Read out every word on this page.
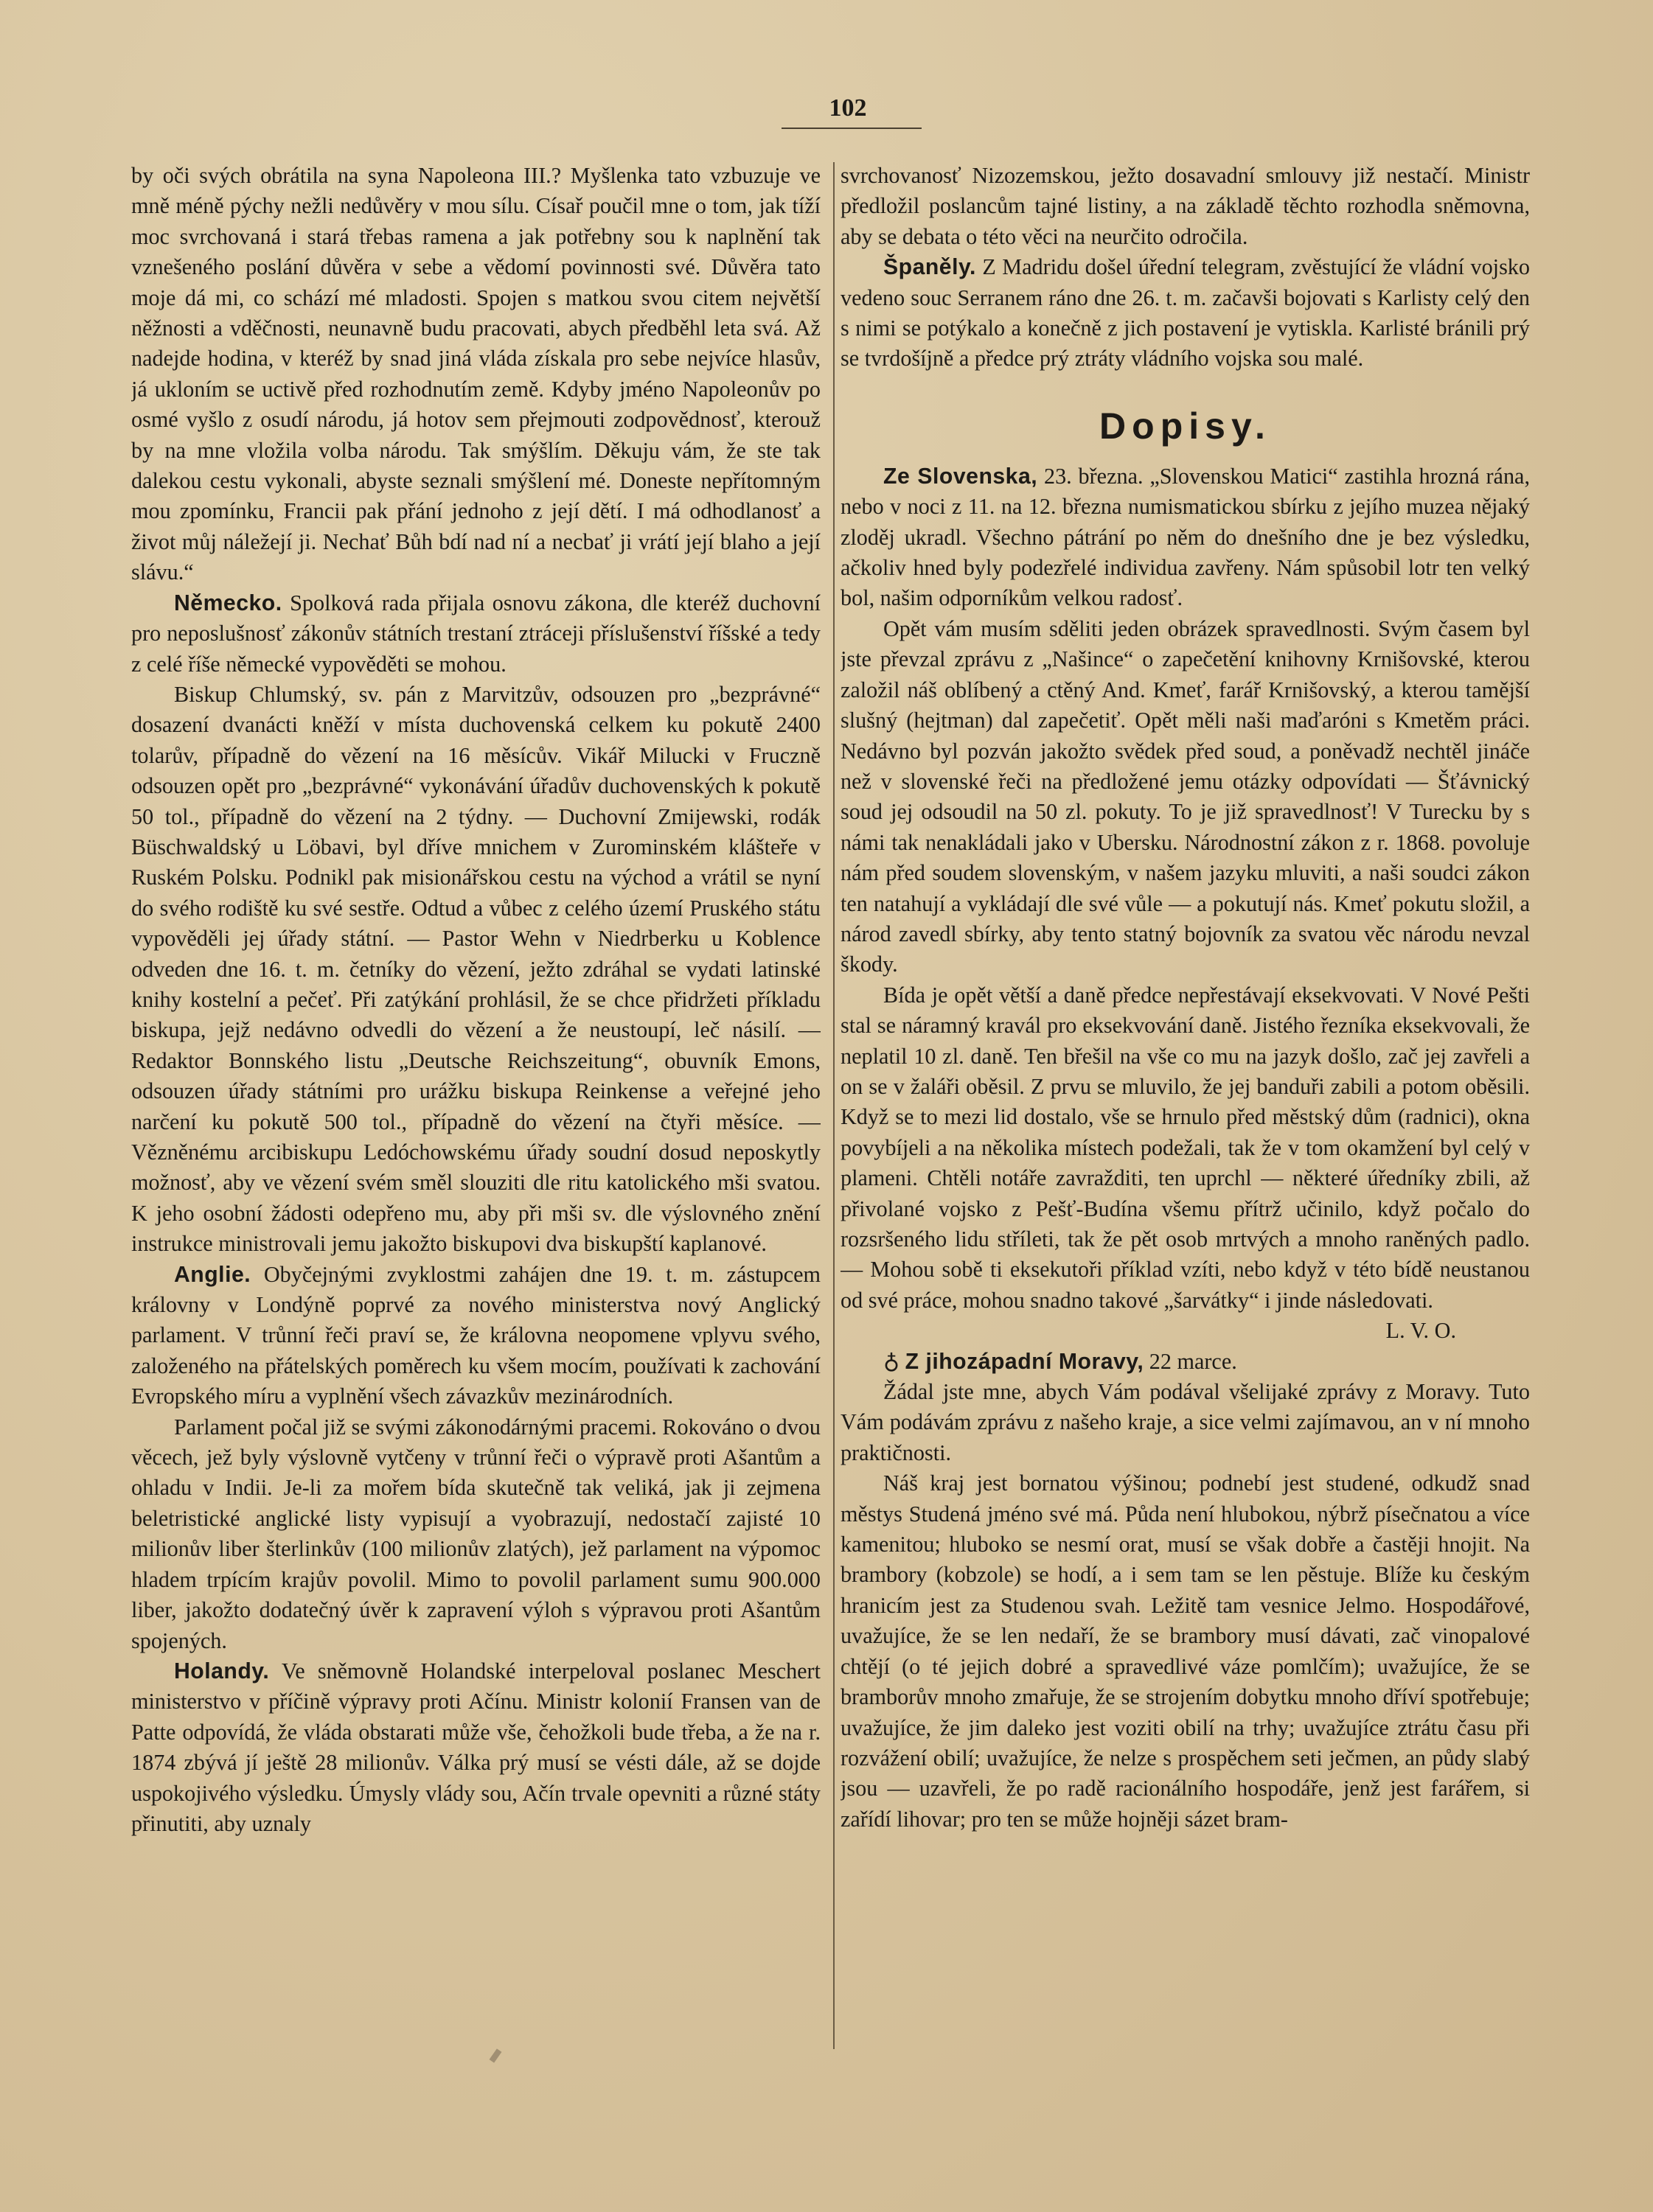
102

by oči svých obrátila na syna Napoleona III.? Myšlenka tato vzbuzuje ve mně méně pýchy nežli nedůvěry v mou sílu. Císař poučil mne o tom, jak tíží moc svrchovaná i stará třebas ramena a jak potřebny sou k naplnění tak vznešeného poslání důvěra v sebe a vědomí povinnosti své. Důvěra tato moje dá mi, co schází mé mladosti. Spojen s matkou svou citem největší něžnosti a vděčnosti, neunavně budu pracovati, abych předběhl leta svá. Až nadejde hodina, v kteréž by snad jiná vláda získala pro sebe nejvíce hlasův, já ukloním se uctivě před rozhodnutím země. Kdyby jméno Napoleonův po osmé vyšlo z osudí národu, já hotov sem přejmouti zodpovědnosť, kterouž by na mne vložila volba národu. Tak smýšlím. Děkuju vám, že ste tak dalekou cestu vykonali, abyste seznali smýšlení mé. Doneste nepřítomným mou zpomínku, Francii pak přání jednoho z její dětí. I má odhodlanosť a život můj náležejí ji. Nechať Bůh bdí nad ní a necbať ji vrátí její blaho a její slávu.“

Německo. Spolková rada přijala osnovu zákona, dle kteréž duchovní pro neposlušnosť zákonův státních trestaní ztráceji příslušenství říšské a tedy z celé říše německé vypověděti se mohou.

Biskup Chlumský, sv. pán z Marvitzův, odsouzen pro „bezprávné“ dosazení dvanácti kněží v místa duchovenská celkem ku pokutě 2400 tolarův, případně do vězení na 16 měsícův. Vikář Milucki v Fruczně odsouzen opět pro „bezprávné“ vykonávání úřadův duchovenských k pokutě 50 tol., případně do vězení na 2 týdny. — Duchovní Zmijewski, rodák Büschwaldský u Löbavi, byl dříve mnichem v Zurominském klášteře v Ruském Polsku. Podnikl pak misionářskou cestu na východ a vrátil se nyní do svého rodiště ku své sestře. Odtud a vůbec z celého území Pruského státu vypověděli jej úřady státní. — Pastor Wehn v Niedrberku u Koblence odveden dne 16. t. m. četníky do vězení, ježto zdráhal se vydati latinské knihy kostelní a pečeť. Při zatýkání prohlásil, že se chce přidržeti příkladu biskupa, jejž nedávno odvedli do vězení a že neustoupí, leč násilí. — Redaktor Bonnského listu „Deutsche Reichszeitung“, obuvník Emons, odsouzen úřady státními pro urážku biskupa Reinkense a veřejné jeho narčení ku pokutě 500 tol., případně do vězení na čtyři měsíce. — Vězněnému arcibiskupu Ledóchowskému úřady soudní dosud neposkytly možnosť, aby ve vězení svém směl slouziti dle ritu katolického mši svatou. K jeho osobní žádosti odepřeno mu, aby při mši sv. dle výslovného znění instrukce ministrovali jemu jakožto biskupovi dva biskupští kaplanové.

Anglie. Obyčejnými zvyklostmi zahájen dne 19. t. m. zástupcem královny v Londýně poprvé za nového ministerstva nový Anglický parlament. V trůnní řeči praví se, že královna neopomene vplyvu svého, založeného na přátelských poměrech ku všem mocím, používati k zachování Evropského míru a vyplnění všech závazkův mezinárodních.

Parlament počal již se svými zákonodárnými pracemi. Rokováno o dvou věcech, jež byly výslovně vytčeny v trůnní řeči o výpravě proti Ašantům a ohladu v Indii. Je-li za mořem bída skutečně tak veliká, jak ji zejmena beletristické anglické listy vypisují a vyobrazují, nedostačí zajisté 10 milionův liber šterlinkův (100 milionův zlatých), jež parlament na výpomoc hladem trpícím krajův povolil. Mimo to povolil parlament sumu 900.000 liber, jakožto dodatečný úvěr k zapravení výloh s výpravou proti Ašantům spojených.

Holandy. Ve sněmovně Holandské interpeloval poslanec Meschert ministerstvo v příčině výpravy proti Ačínu. Ministr kolonií Fransen van de Patte odpovídá, že vláda obstarati může vše, čehožkoli bude třeba, a že na r. 1874 zbývá jí ještě 28 milionův. Válka prý musí se vésti dále, až se dojde uspokojivého výsledku. Úmysly vlády sou, Ačín trvale opevniti a různé státy přinutiti, aby uznaly

svrchovanosť Nizozemskou, ježto dosavadní smlouvy již nestačí. Ministr předložil poslancům tajné listiny, a na základě těchto rozhodla sněmovna, aby se debata o této věci na neurčito odročila.

Španěly. Z Madridu došel úřední telegram, zvěstující že vládní vojsko vedeno souc Serranem ráno dne 26. t. m. začavši bojovati s Karlisty celý den s nimi se potýkalo a konečně z jich postavení je vytiskla. Karlisté bránili prý se tvrdošíjně a předce prý ztráty vládního vojska sou malé.

Dopisy.

Ze Slovenska, 23. března. „Slovenskou Matici“ zastihla hrozná rána, nebo v noci z 11. na 12. března numismatickou sbírku z jejího muzea nějaký zloděj ukradl. Všechno pátrání po něm do dnešního dne je bez výsledku, ačkoliv hned byly podezřelé individua zavřeny. Nám spůsobil lotr ten velký bol, našim odporníkům velkou radosť.

Opět vám musím sděliti jeden obrázek spravedlnosti. Svým časem byl jste převzal zprávu z „Našince“ o zapečetění knihovny Krnišovské, kterou založil náš oblíbený a ctěný And. Kmeť, farář Krnišovský, a kterou tamější slušný (hejtman) dal zapečetiť. Opět měli naši maďaróni s Kmetěm práci. Nedávno byl pozván jakožto svědek před soud, a poněvadž nechtěl jináče než v slovenské řeči na předložené jemu otázky odpovídati — Šťávnický soud jej odsoudil na 50 zl. pokuty. To je již spravedlnosť! V Turecku by s námi tak nenakládali jako v Ubersku. Národnostní zákon z r. 1868. povoluje nám před soudem slovenským, v našem jazyku mluviti, a naši soudci zákon ten natahují a vykládají dle své vůle — a pokutují nás. Kmeť pokutu složil, a národ zavedl sbírky, aby tento statný bojovník za svatou věc národu nevzal škody.

Bída je opět větší a daně předce nepřestávají eksekvovati. V Nové Pešti stal se náramný kravál pro eksekvování daně. Jistého řezníka eksekvovali, že neplatil 10 zl. daně. Ten břešil na vše co mu na jazyk došlo, zač jej zavřeli a on se v žaláři oběsil. Z prvu se mluvilo, že jej banduři zabili a potom oběsili. Když se to mezi lid dostalo, vše se hrnulo před městský dům (radnici), okna povybíjeli a na několika místech podežali, tak že v tom okamžení byl celý v plameni. Chtěli notáře zavražditi, ten uprchl — některé úředníky zbili, až přivolané vojsko z Pešť-Budína všemu přítrž učinilo, když počalo do rozsršeného lidu stříleti, tak že pět osob mrtvých a mnoho raněných padlo. — Mohou sobě ti eksekutoři příklad vzíti, nebo když v této bídě neustanou od své práce, mohou snadno takové „šarvátky“ i jinde následovati.

L. V. O.

♁ Z jihozápadní Moravy, 22 marce.

Žádal jste mne, abych Vám podával všelijaké zprávy z Moravy. Tuto Vám podávám zprávu z našeho kraje, a sice velmi zajímavou, an v ní mnoho praktičnosti.

Náš kraj jest bornatou výšinou; podnebí jest studené, odkudž snad městys Studená jméno své má. Půda není hlubokou, nýbrž písečnatou a více kamenitou; hluboko se nesmí orat, musí se však dobře a častěji hnojit. Na brambory (kobzole) se hodí, a i sem tam se len pěstuje. Blíže ku českým hranicím jest za Studenou svah. Ležitě tam vesnice Jelmo. Hospodářové, uvažujíce, že se len nedaří, že se brambory musí dávati, zač vinopalové chtějí (o té jejich dobré a spravedlivé váze pomlčím); uvažujíce, že se bramborův mnoho zmařuje, že se strojením dobytku mnoho dříví spotřebuje; uvažujíce, že jim daleko jest voziti obilí na trhy; uvažujíce ztrátu času při rozvážení obilí; uvažujíce, že nelze s prospěchem seti ječmen, an půdy slabý jsou — uzavřeli, že po radě racionálního hospodáře, jenž jest farářem, si zařídí lihovar; pro ten se může hojněji sázet bram-
